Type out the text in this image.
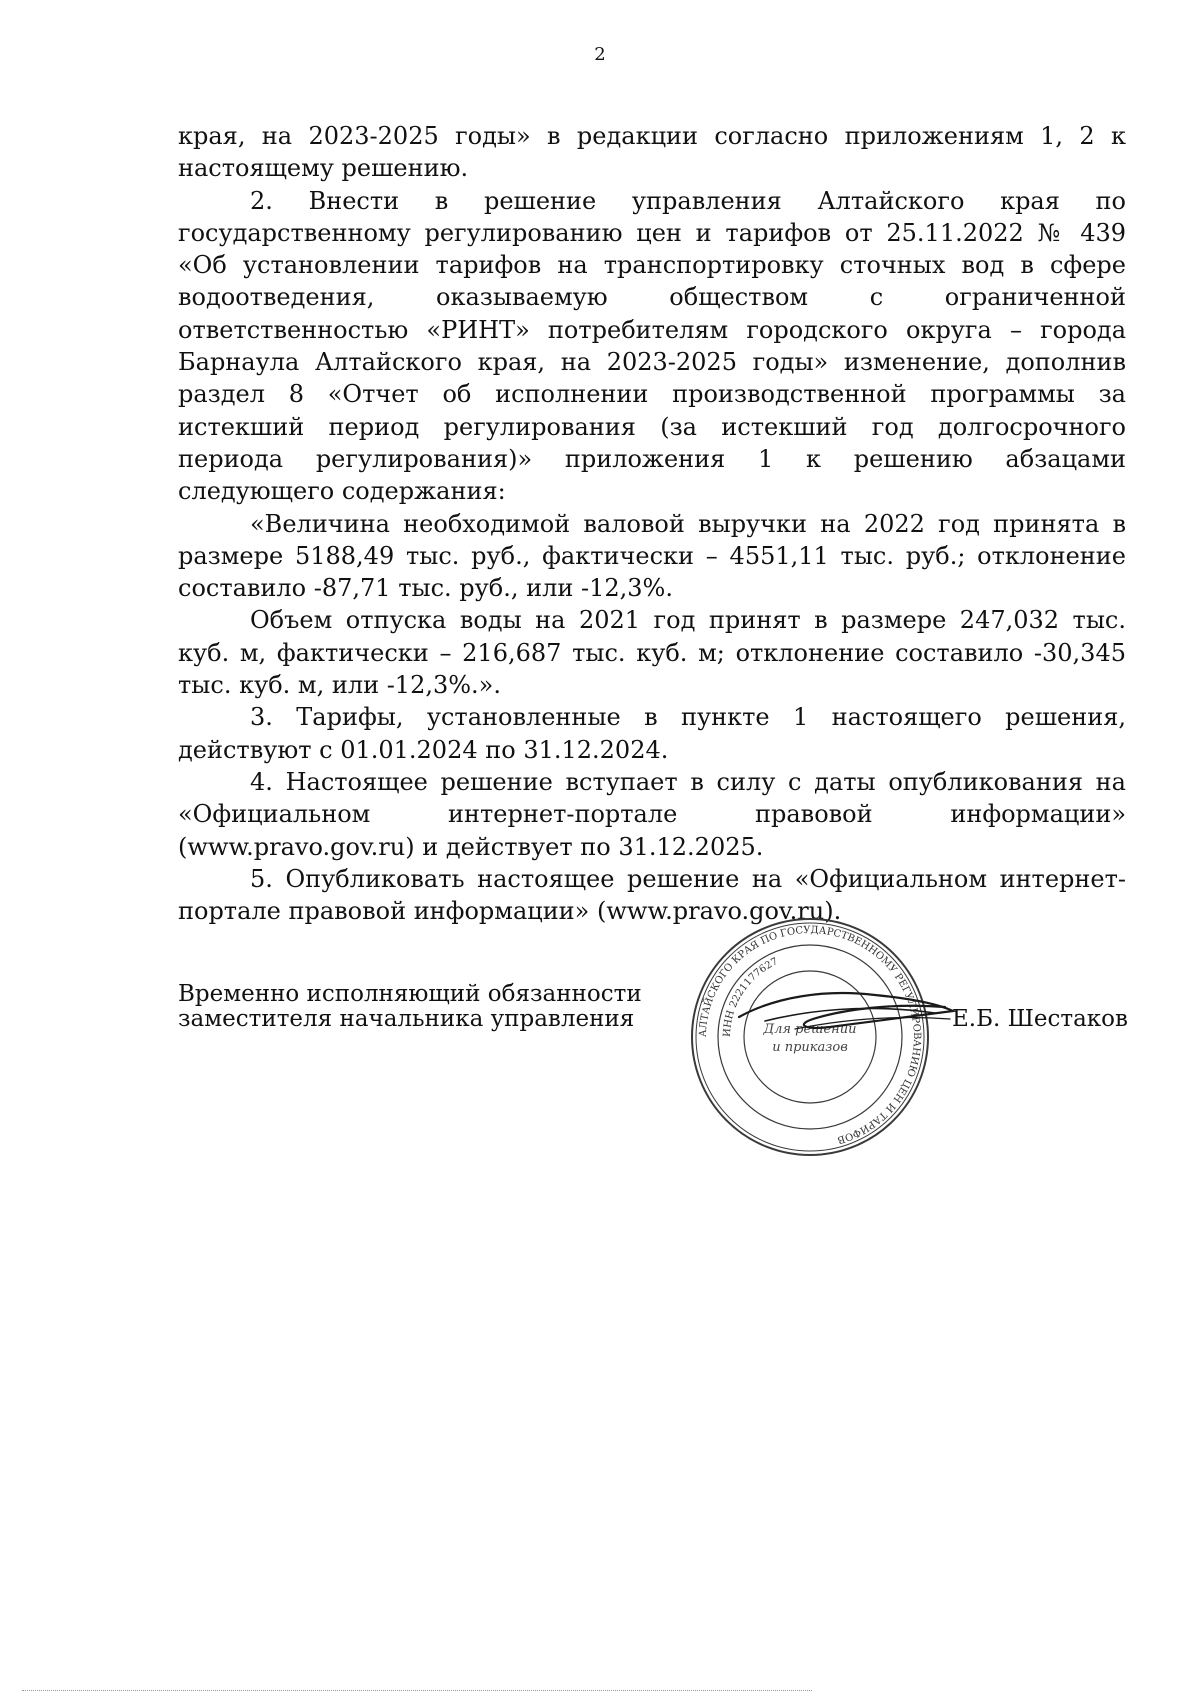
2

края, на 2023-2025 годы» в редакции согласно приложениям 1, 2 к настоящему решению.

2. Внести в решение управления Алтайского края по государственному регулированию цен и тарифов от 25.11.2022 № 439 «Об установлении тарифов на транспортировку сточных вод в сфере водоотведения, оказываемую обществом с ограниченной ответственностью «РИНТ» потребителям городского округа – города Барнаула Алтайского края, на 2023-2025 годы» изменение, дополнив раздел 8 «Отчет об исполнении производственной программы за истекший период регулирования (за истекший год долгосрочного периода регулирования)» приложения 1 к решению абзацами следующего содержания:

«Величина необходимой валовой выручки на 2022 год принята в размере 5188,49 тыс. руб., фактически – 4551,11 тыс. руб.; отклонение составило -87,71 тыс. руб., или -12,3%.

Объем отпуска воды на 2021 год принят в размере 247,032 тыс. куб. м, фактически – 216,687 тыс. куб. м; отклонение составило -30,345 тыс. куб. м, или -12,3%.».

3. Тарифы, установленные в пункте 1 настоящего решения, действуют с 01.01.2024 по 31.12.2024.

4. Настоящее решение вступает в силу с даты опубликования на «Официальном интернет-портале правовой информации» (www.pravo.gov.ru) и действует по 31.12.2025.

5. Опубликовать настоящее решение на «Официальном интернет-портале правовой информации» (www.pravo.gov.ru).

Временно исполняющий обязанности
заместителя начальника управления
АЛТАЙСКОГО КРАЯ ПО ГОСУДАРСТВЕННОМУ РЕГУЛИРОВАНИЮ ЦЕН И ТАРИФОВ
ИНН 2221177627
Для решений
и приказов
Е.Б. Шестаков
